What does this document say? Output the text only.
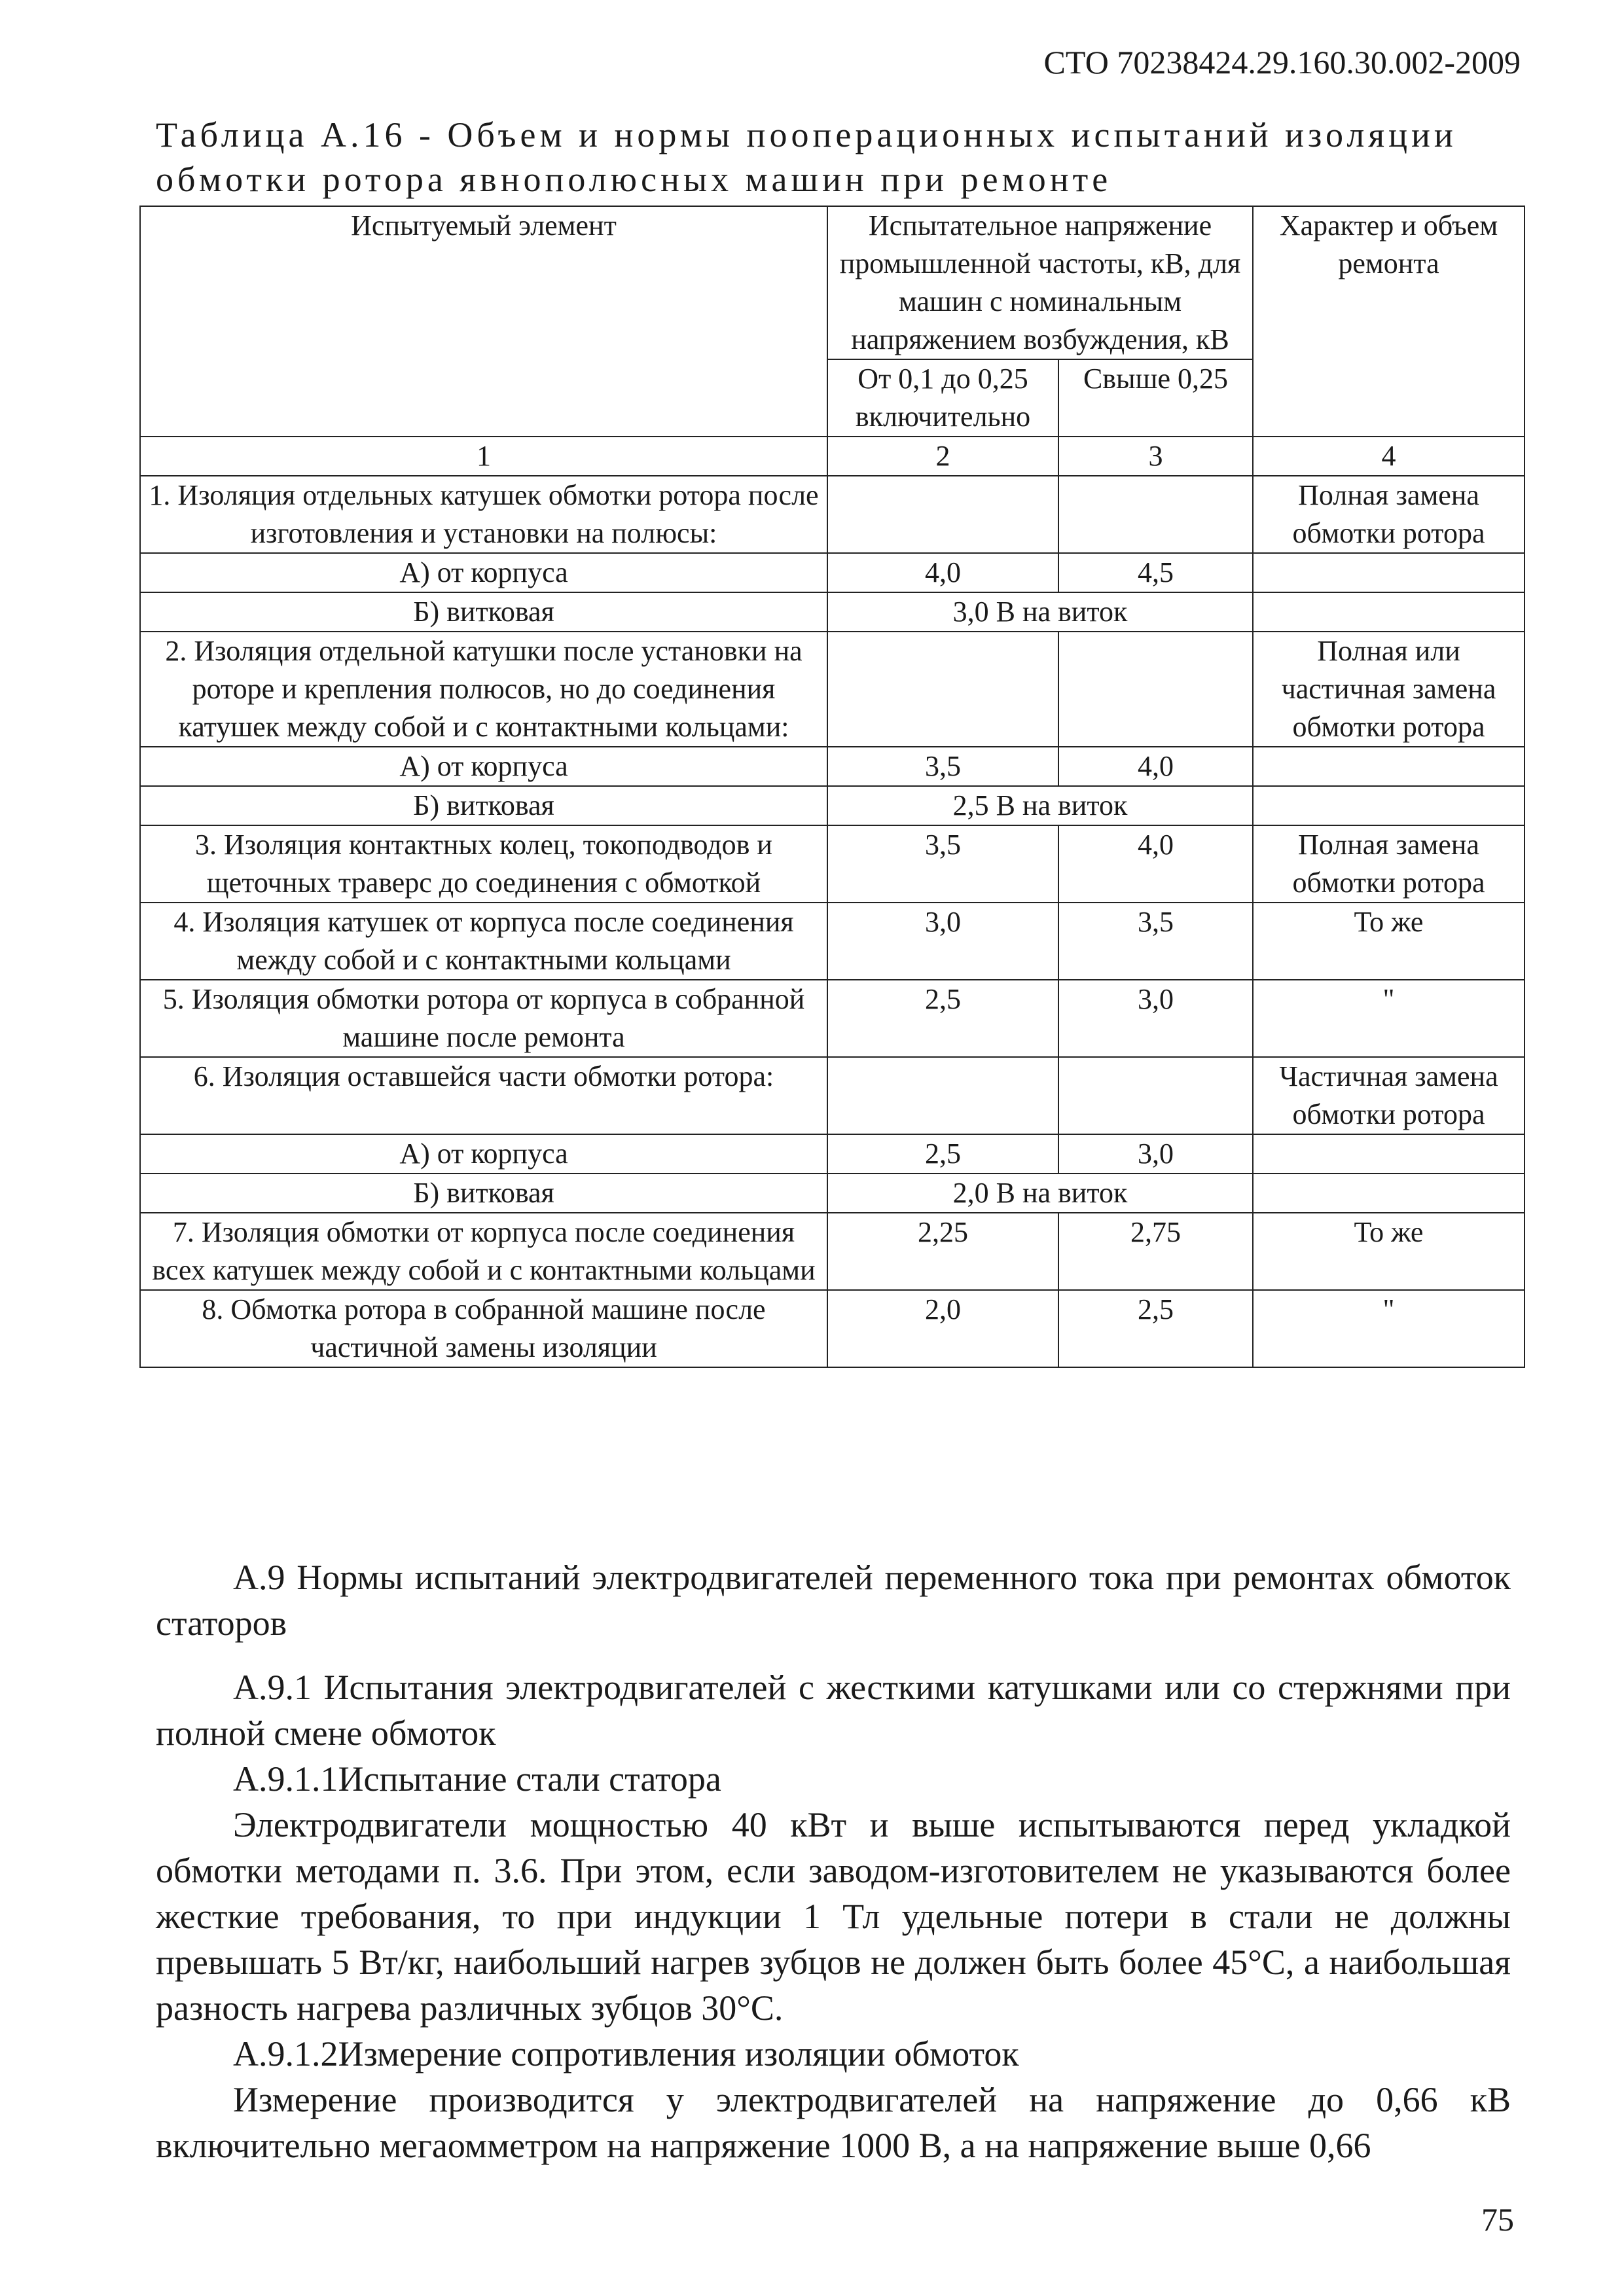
СТО 70238424.29.160.30.002-2009
Таблица А.16 - Объем и нормы пооперационных испытаний изоляции
обмотки ротора явнополюсных машин при ремонте
Испытуемый элемент	Испытательное напряжение промышленной частоты, кВ, для машин с номинальным напряжением возбуждения, кВ		Характер и объем ремонта
	От 0,1 до 0,25 включительно	Свыше 0,25	
1	2	3	4
1. Изоляция отдельных катушек обмотки ротора после изготовления и установки на полюсы:			Полная замена обмотки ротора
А) от корпуса	4,0	4,5	
Б) витковая	3,0 В на виток		
2. Изоляция отдельной катушки после установки на роторе и крепления полюсов, но до соединения катушек между собой и с контактными кольцами:			Полная или частичная замена обмотки ротора
А) от корпуса	3,5	4,0	
Б) витковая	2,5 В на виток		
3. Изоляция контактных колец, токоподводов и щеточных траверс до соединения с обмоткой	3,5	4,0	Полная замена обмотки ротора
4. Изоляция катушек от корпуса после соединения между собой и с контактными кольцами	3,0	3,5	То же
5. Изоляция обмотки ротора от корпуса в собранной машине после ремонта	2,5	3,0	"
6. Изоляция оставшейся части обмотки ротора:			Частичная замена обмотки ротора
А) от корпуса	2,5	3,0	
Б) витковая	2,0 В на виток		
7. Изоляция обмотки от корпуса после соединения всех катушек между собой и с контактными кольцами	2,25	2,75	То же
8. Обмотка ротора в собранной машине после частичной замены изоляции	2,0	2,5	"

А.9 Нормы испытаний электродвигателей переменного тока при ремонтах обмоток статоров

А.9.1 Испытания электродвигателей с жесткими катушками или со стержнями при полной смене обмоток

А.9.1.1Испытание стали статора

Электродвигатели мощностью 40 кВт и выше испытываются перед укладкой обмотки методами п. 3.6. При этом, если заводом-изготовителем не указываются более жесткие требования, то при индукции 1 Тл удельные потери в стали не должны превышать 5 Вт/кг, наибольший нагрев зубцов не должен быть более 45°С, а наибольшая разность нагрева различных зубцов 30°С.

А.9.1.2Измерение сопротивления изоляции обмоток

Измерение производится у электродвигателей на напряжение до 0,66 кВ включительно мегаомметром на напряжение 1000 В, а на напряжение выше 0,66

75
